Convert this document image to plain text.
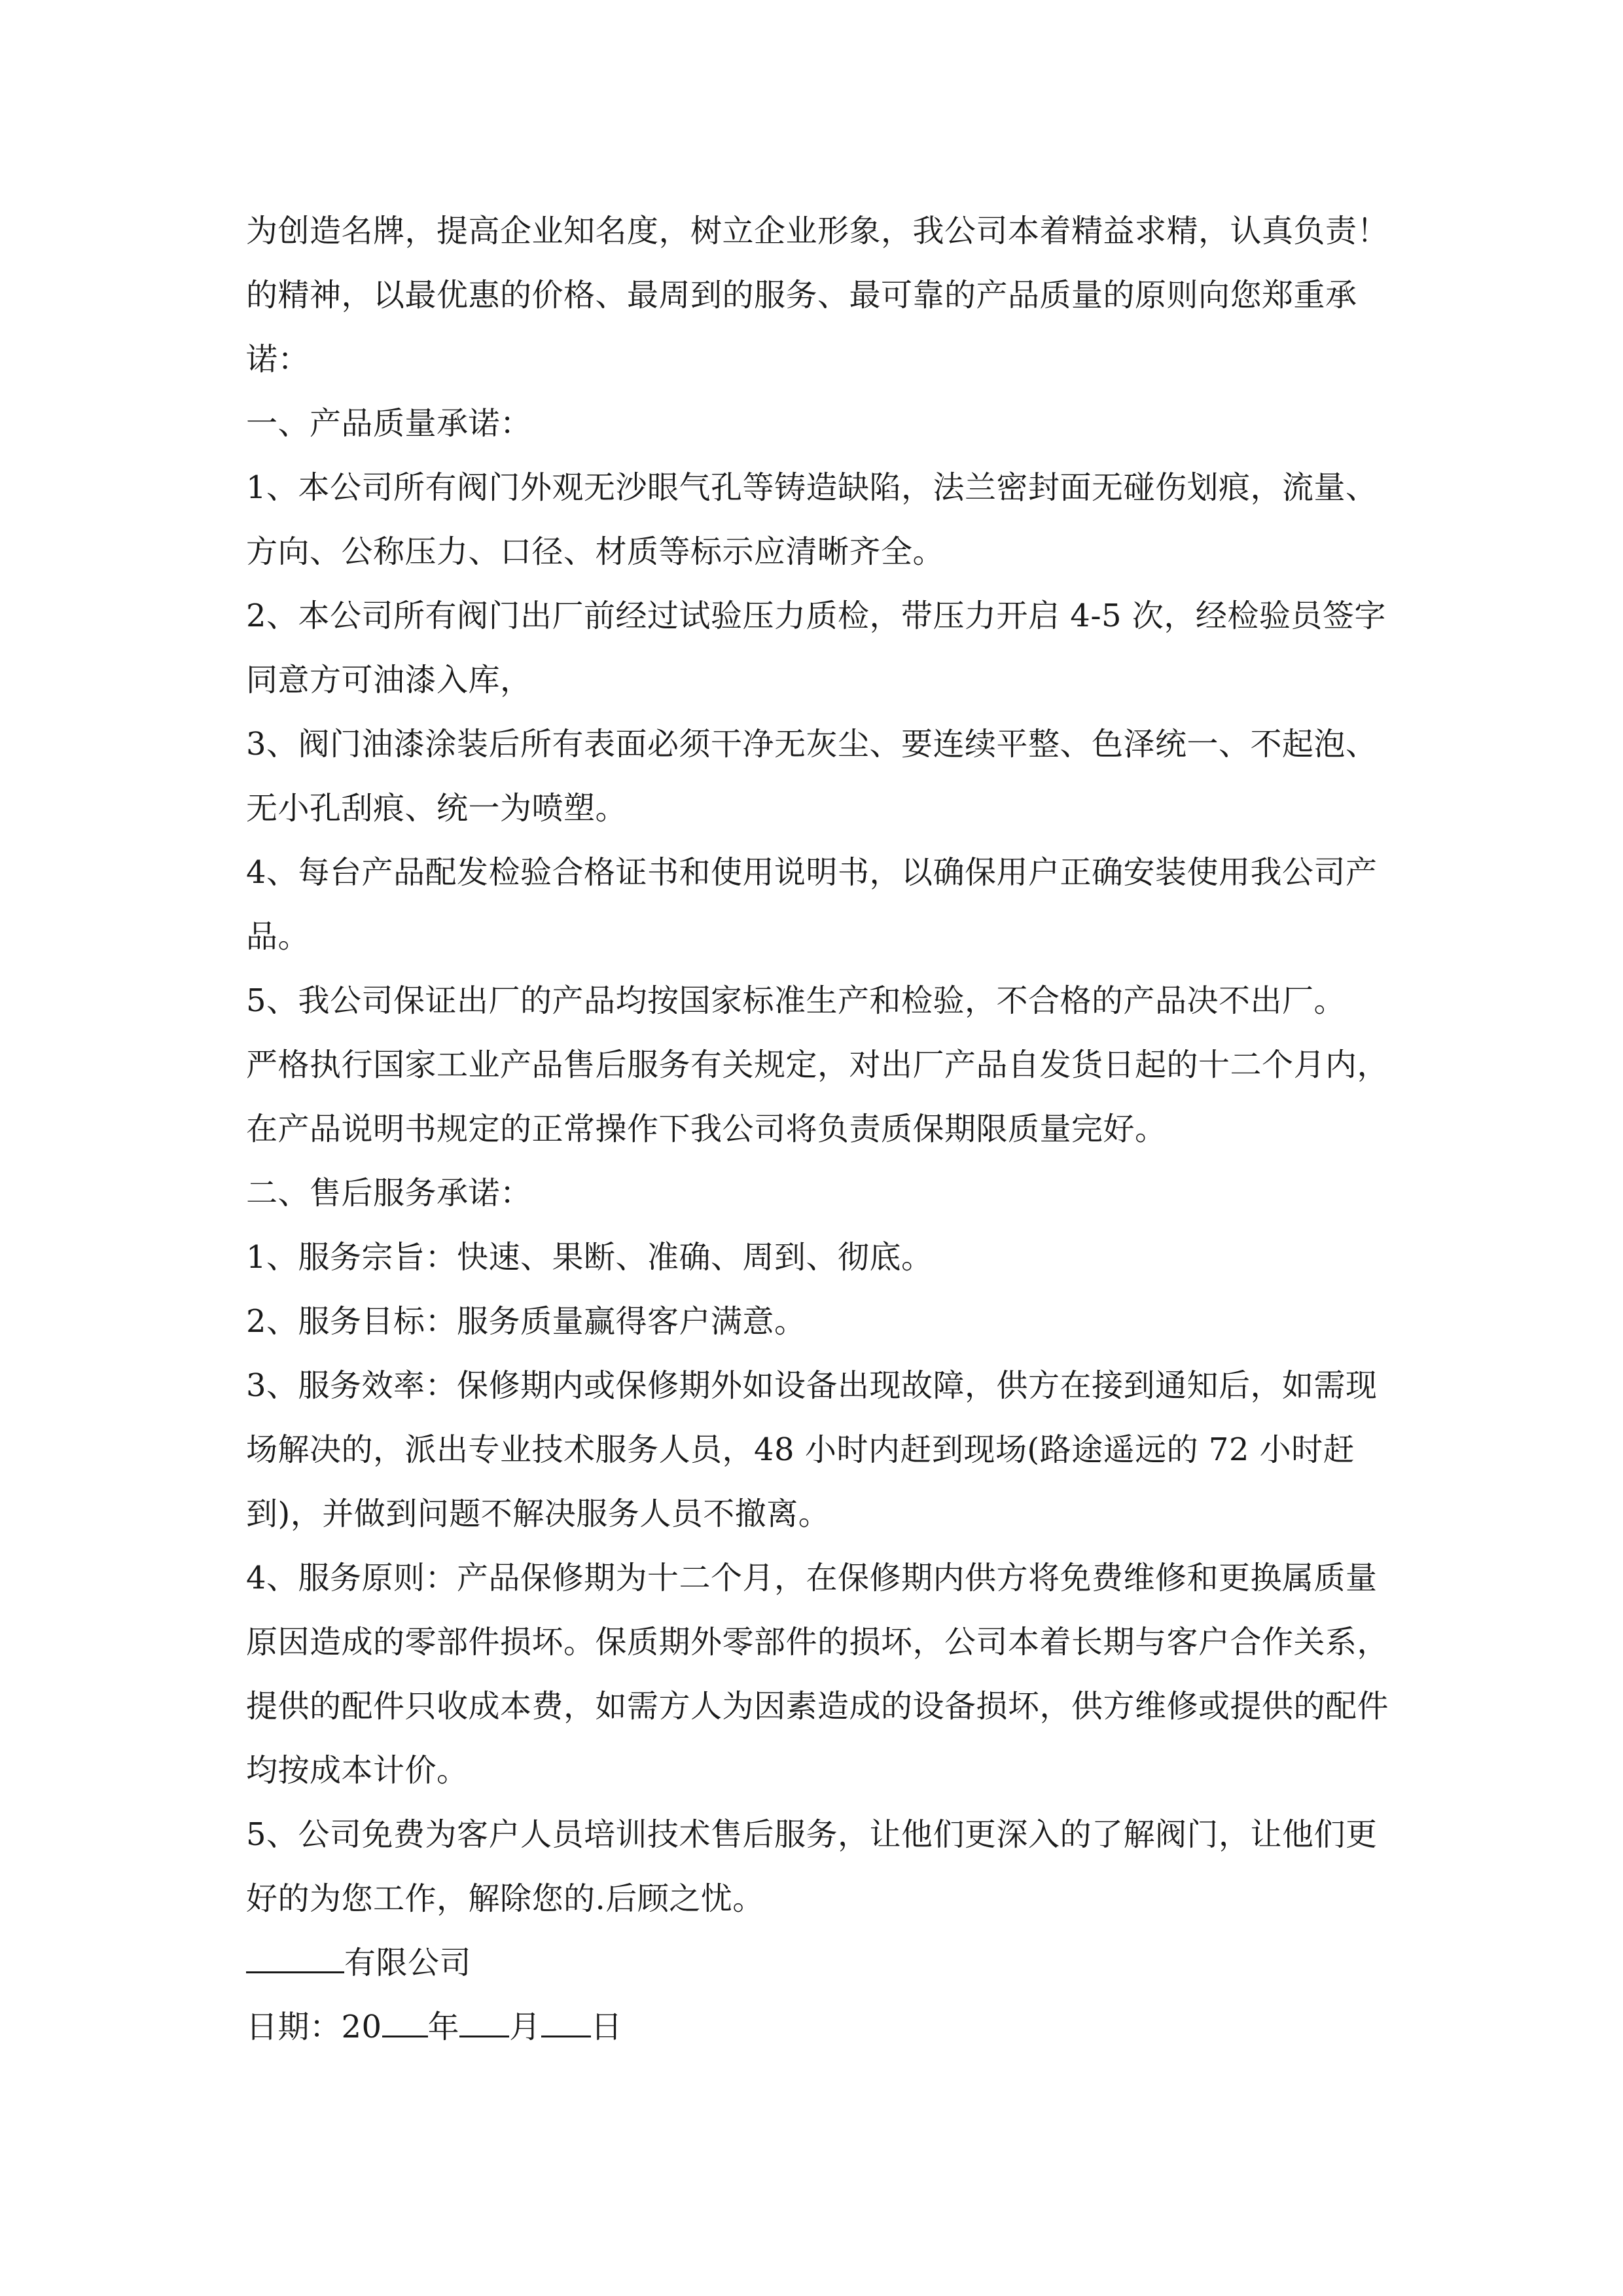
为创造名牌，提高企业知名度，树立企业形象，我公司本着精益求精，认真负责！的精神，以最优惠的价格、最周到的服务、最可靠的产品质量的原则向您郑重承诺：

一、产品质量承诺：

1、本公司所有阀门外观无沙眼气孔等铸造缺陷，法兰密封面无碰伤划痕，流量、方向、公称压力、口径、材质等标示应清晰齐全。

2、本公司所有阀门出厂前经过试验压力质检，带压力开启 4-5 次，经检验员签字同意方可油漆入库，

3、阀门油漆涂装后所有表面必须干净无灰尘、要连续平整、色泽统一、不起泡、无小孔刮痕、统一为喷塑。

4、每台产品配发检验合格证书和使用说明书，以确保用户正确安装使用我公司产品。

5、我公司保证出厂的产品均按国家标准生产和检验，不合格的产品决不出厂。

严格执行国家工业产品售后服务有关规定，对出厂产品自发货日起的十二个月内，在产品说明书规定的正常操作下我公司将负责质保期限质量完好。

二、售后服务承诺：

1、服务宗旨：快速、果断、准确、周到、彻底。

2、服务目标：服务质量赢得客户满意。

3、服务效率：保修期内或保修期外如设备出现故障，供方在接到通知后，如需现场解决的，派出专业技术服务人员，48 小时内赶到现场(路途遥远的 72 小时赶到)，并做到问题不解决服务人员不撤离。

4、服务原则：产品保修期为十二个月，在保修期内供方将免费维修和更换属质量原因造成的零部件损坏。保质期外零部件的损坏，公司本着长期与客户合作关系，提供的配件只收成本费，如需方人为因素造成的设备损坏，供方维修或提供的配件均按成本计价。

5、公司免费为客户人员培训技术售后服务，让他们更深入的了解阀门，让他们更好的为您工作，解除您的.后顾之忧。

有限公司

日期：20 年 月 日
